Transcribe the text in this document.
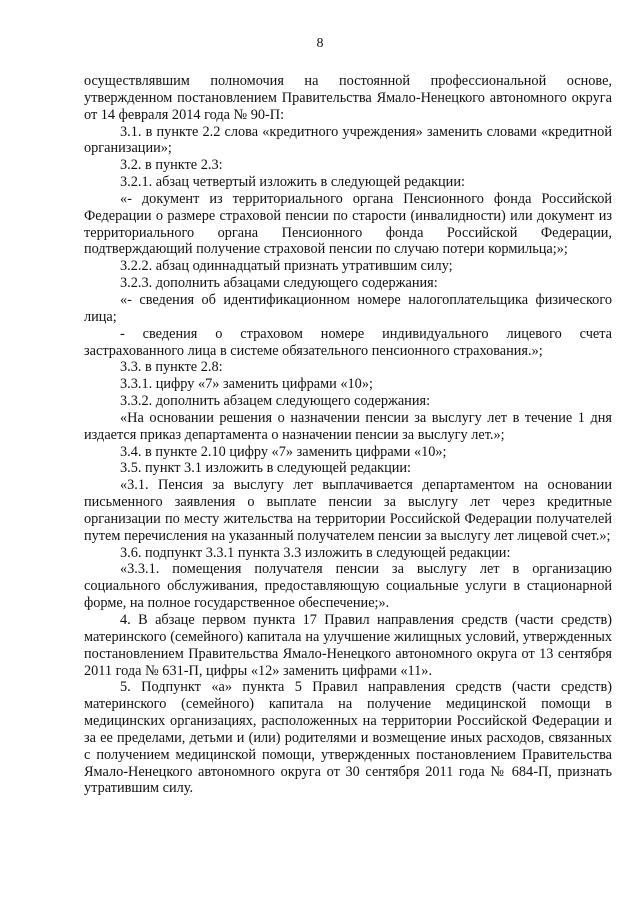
8

осуществлявшим полномочия на постоянной профессиональной основе, утвержденном постановлением Правительства Ямало-Ненецкого автономного округа от 14 февраля 2014 года № 90-П:

3.1. в пункте 2.2 слова «кредитного учреждения» заменить словами «кредитной организации»;

3.2. в пункте 2.3:

3.2.1. абзац четвертый изложить в следующей редакции:

«- документ из территориального органа Пенсионного фонда Российской Федерации о размере страховой пенсии по старости (инвалидности) или документ из территориального органа Пенсионного фонда Российской Федерации, подтверждающий получение страховой пенсии по случаю потери кормильца;»;

3.2.2. абзац одиннадцатый признать утратившим силу;

3.2.3. дополнить абзацами следующего содержания:

«- сведения об идентификационном номере налогоплательщика физического лица;

- сведения о страховом номере индивидуального лицевого счета застрахованного лица в системе обязательного пенсионного страхования.»;

3.3. в пункте 2.8:

3.3.1. цифру «7» заменить цифрами «10»;

3.3.2. дополнить абзацем следующего содержания:

«На основании решения о назначении пенсии за выслугу лет в течение 1 дня издается приказ департамента о назначении пенсии за выслугу лет.»;

3.4. в пункте 2.10 цифру «7» заменить цифрами «10»;

3.5. пункт 3.1 изложить в следующей редакции:

«3.1. Пенсия за выслугу лет выплачивается департаментом на основании письменного заявления о выплате пенсии за выслугу лет через кредитные организации по месту жительства на территории Российской Федерации получателей путем перечисления на указанный получателем пенсии за выслугу лет лицевой счет.»;

3.6. подпункт 3.3.1 пункта 3.3 изложить в следующей редакции:

«3.3.1. помещения получателя пенсии за выслугу лет в организацию социального обслуживания, предоставляющую социальные услуги в стационарной форме, на полное государственное обеспечение;».

4. В абзаце первом пункта 17 Правил направления средств (части средств) материнского (семейного) капитала на улучшение жилищных условий, утвержденных постановлением Правительства Ямало-Ненецкого автономного округа от 13 сентября 2011 года № 631-П, цифры «12» заменить цифрами «11».

5. Подпункт «а» пункта 5 Правил направления средств (части средств) материнского (семейного) капитала на получение медицинской помощи в медицинских организациях, расположенных на территории Российской Федерации и за ее пределами, детьми и (или) родителями и возмещение иных расходов, связанных с получением медицинской помощи, утвержденных постановлением Правительства Ямало-Ненецкого автономного округа от 30 сентября 2011 года № 684-П, признать утратившим силу.
